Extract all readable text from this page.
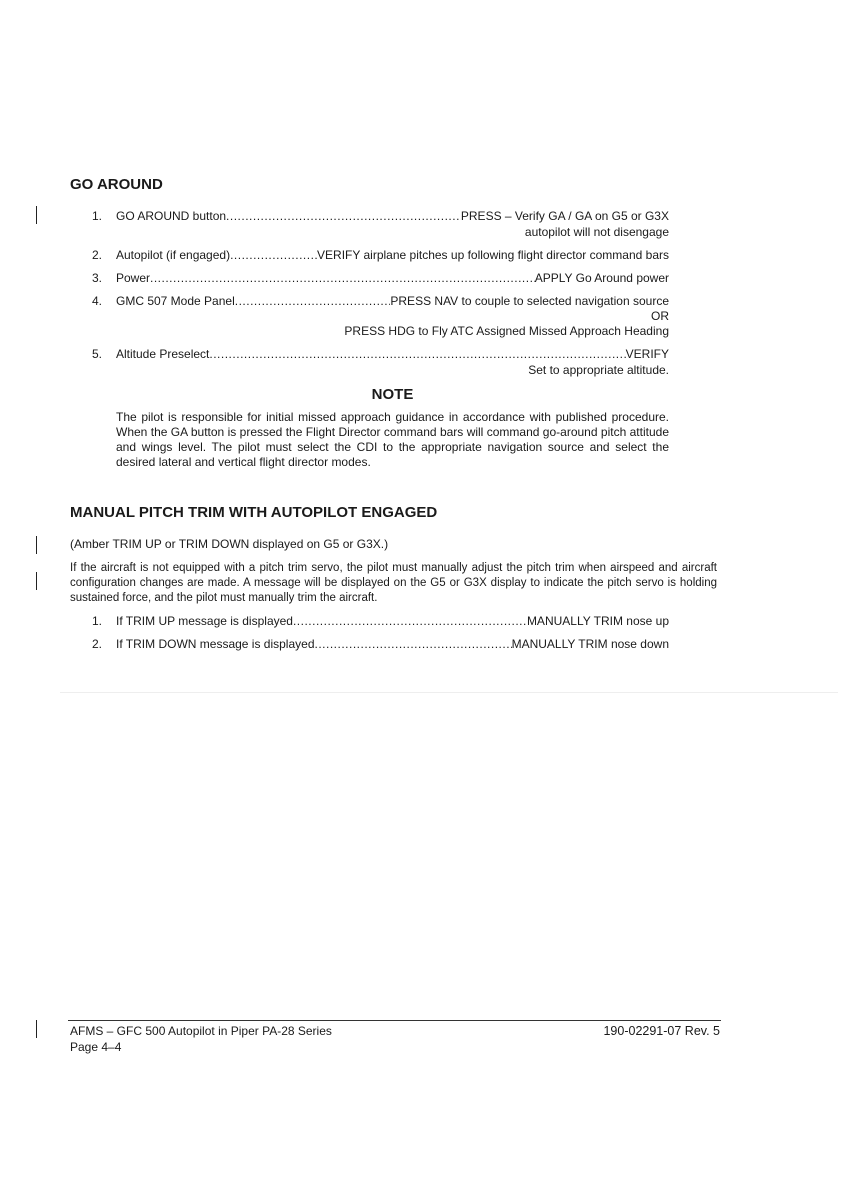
GO AROUND
1.	GO AROUND button .....	PRESS – Verify GA / GA on G5 or G3X
autopilot will not disengage
2.	Autopilot (if engaged) .....	VERIFY airplane pitches up following flight director command bars
3.	Power .....	APPLY Go Around power
4.	GMC 507 Mode Panel .....	PRESS NAV to couple to selected navigation source
OR
PRESS HDG to Fly ATC Assigned Missed Approach Heading
5.	Altitude Preselect .....	VERIFY
Set to appropriate altitude.
NOTE
The pilot is responsible for initial missed approach guidance in accordance with published procedure. When the GA button is pressed the Flight Director command bars will command go-around pitch attitude and wings level. The pilot must select the CDI to the appropriate navigation source and select the desired lateral and vertical flight director modes.
MANUAL PITCH TRIM WITH AUTOPILOT ENGAGED
(Amber TRIM UP or TRIM DOWN displayed on G5 or G3X.)
If the aircraft is not equipped with a pitch trim servo, the pilot must manually adjust the pitch trim when airspeed and aircraft configuration changes are made. A message will be displayed on the G5 or G3X display to indicate the pitch servo is holding sustained force, and the pilot must manually trim the aircraft.
1.	If TRIM UP message is displayed .....	MANUALLY TRIM nose up
2.	If TRIM DOWN message is displayed .....	MANUALLY TRIM nose down
AFMS – GFC 500 Autopilot in Piper PA-28 Series
Page 4–4
190-02291-07 Rev. 5
